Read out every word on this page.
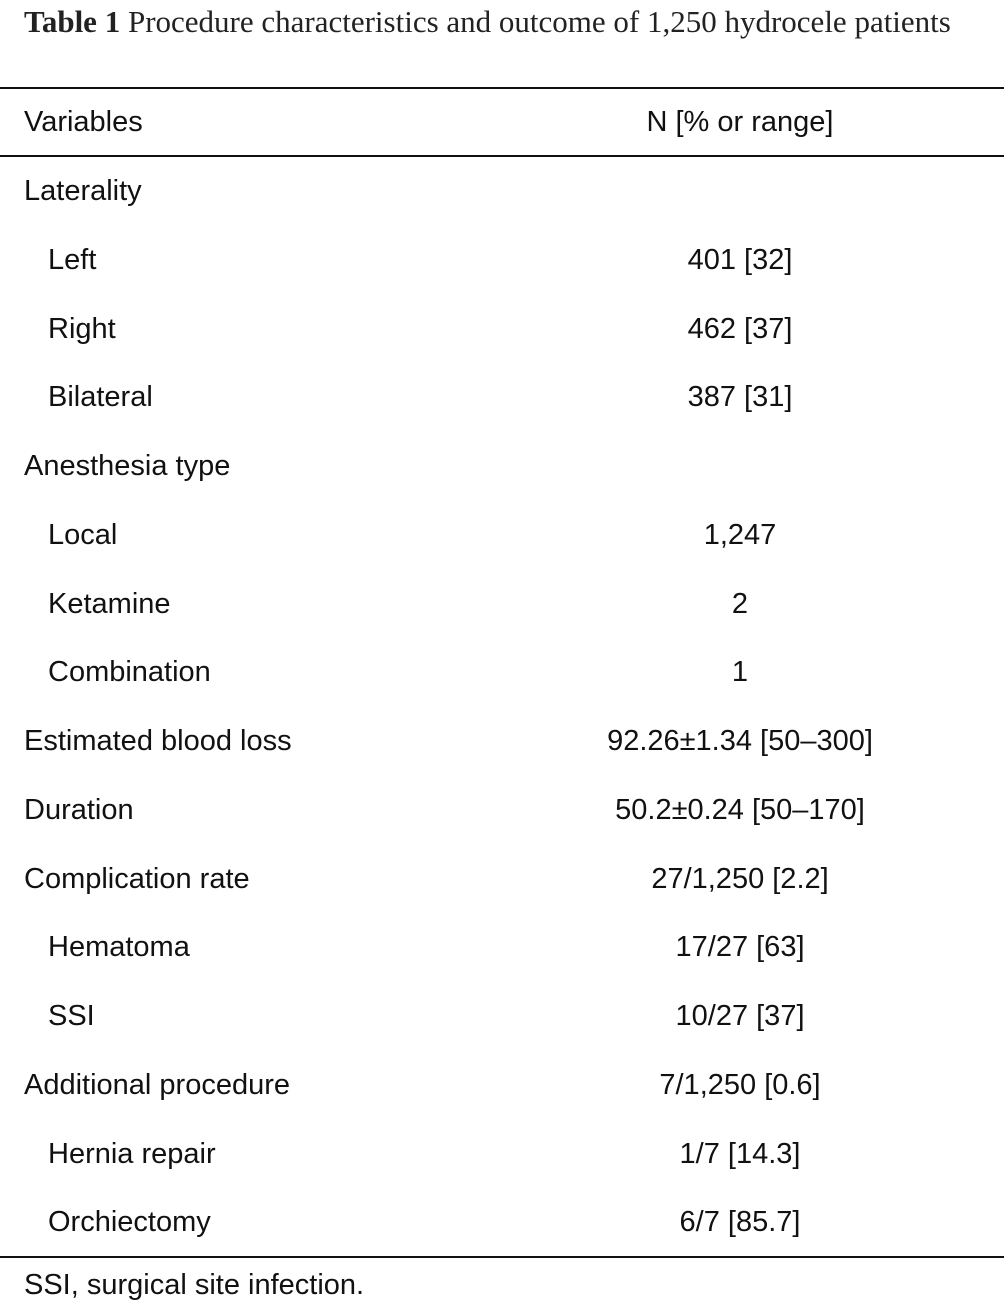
Table 1 Procedure characteristics and outcome of 1,250 hydrocele patients
Variables	N [% or range]
Laterality
Left	401 [32]
Right	462 [37]
Bilateral	387 [31]
Anesthesia type
Local	1,247
Ketamine	2
Combination	1
Estimated blood loss	92.26±1.34 [50–300]
Duration	50.2±0.24 [50–170]
Complication rate	27/1,250 [2.2]
Hematoma	17/27 [63]
SSI	10/27 [37]
Additional procedure	7/1,250 [0.6]
Hernia repair	1/7 [14.3]
Orchiectomy	6/7 [85.7]
SSI, surgical site infection.
